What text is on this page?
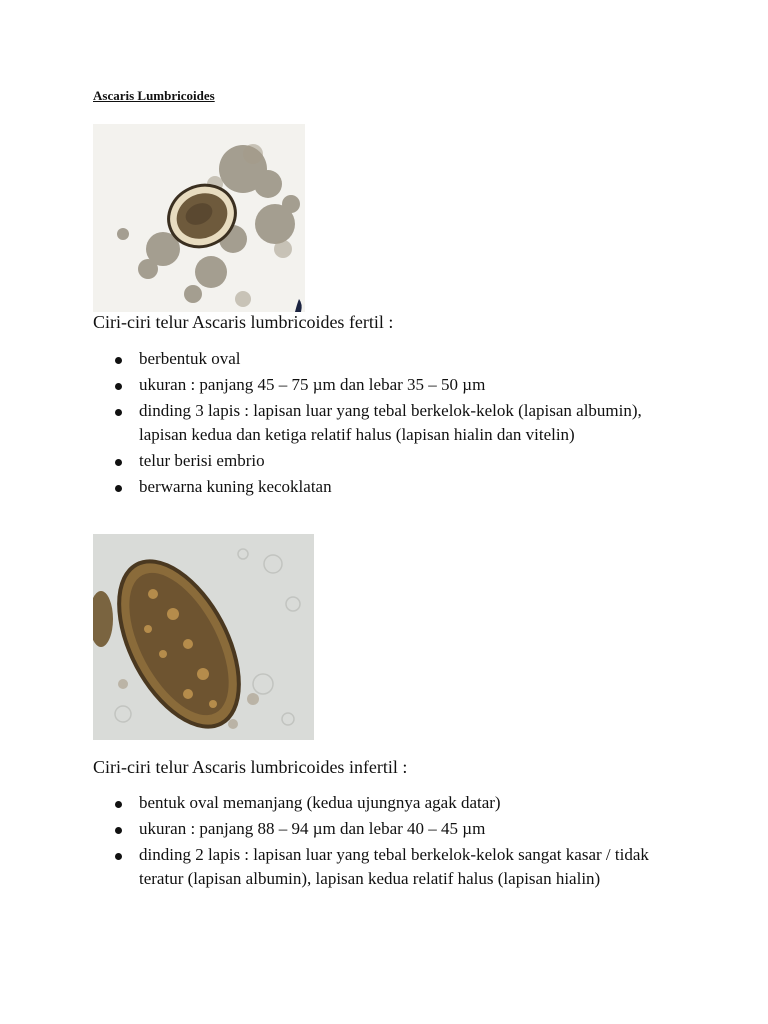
Ascaris Lumbricoides

Ciri-ciri telur Ascaris lumbricoides fertil :

berbentuk oval
ukuran : panjang 45 – 75 µm dan lebar 35 – 50 µm
dinding 3 lapis : lapisan luar yang tebal berkelok-kelok (lapisan albumin), lapisan kedua dan ketiga relatif halus (lapisan hialin dan vitelin)
telur berisi embrio
berwarna kuning kecoklatan

Ciri-ciri telur Ascaris lumbricoides infertil :

bentuk oval memanjang (kedua ujungnya agak datar)
ukuran : panjang 88 – 94 µm dan lebar 40 – 45 µm
dinding 2 lapis : lapisan luar yang tebal berkelok-kelok sangat kasar / tidak teratur (lapisan albumin), lapisan kedua relatif halus (lapisan hialin)
